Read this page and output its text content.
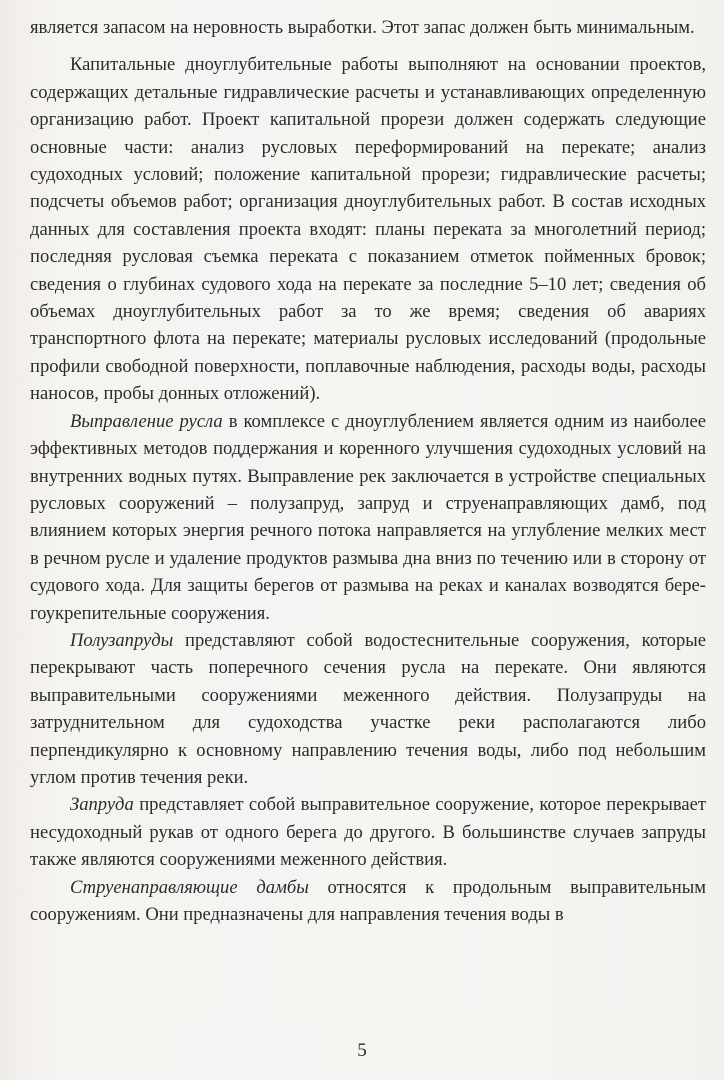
является запасом на неровность выработки. Этот запас должен быть минимальным.

Капитальные дноуглубительные работы выполняют на основании проектов, содержащих детальные гидравлические расчеты и устанавливающих определенную организацию работ. Проект капитальной прорези должен содержать следующие основные части: анализ русловых переформирований на перекате; анализ судоходных условий; положение капитальной прорези; гидравлические расчеты; подсчеты объемов работ; организация дноуглубительных работ. В состав исходных данных для составления проекта входят: планы переката за многолетний период; последняя русловая съемка переката с показанием отметок пойменных бровок; сведения о глубинах судового хода на перекате за последние 5–10 лет; сведения об объемах дноуглубительных работ за то же время; сведения об авариях транспортного флота на перекате; материалы русловых исследований (продольные профили свободной поверхности, поплавочные наблюдения, расходы воды, расходы наносов, пробы донных отложений).

Выправление русла в комплексе с дноуглублением является одним из наиболее эффективных методов поддержания и коренного улучшения судоходных условий на внутренних водных путях. Выправление рек заключается в устройстве специальных русловых сооружений – полузапруд, запруд и струенаправляющих дамб, под влиянием которых энергия речного потока направляется на углубление мелких мест в речном русле и удаление продуктов размыва дна вниз по течению или в сторону от судового хода. Для защиты берегов от размыва на реках и каналах возводятся берегоукрепительные сооружения.

Полузапруды представляют собой водостеснительные сооружения, которые перекрывают часть поперечного сечения русла на перекате. Они являются выправительными сооружениями меженного действия. Полузапруды на затруднительном для судоходства участке реки располагаются либо перпендикулярно к основному направлению течения воды, либо под небольшим углом против течения реки.

Запруда представляет собой выправительное сооружение, которое перекрывает несудоходный рукав от одного берега до другого. В большинстве случаев запруды также являются сооружениями меженного действия.

Струенаправляющие дамбы относятся к продольным выправительным сооружениям. Они предназначены для направления течения воды в

5
